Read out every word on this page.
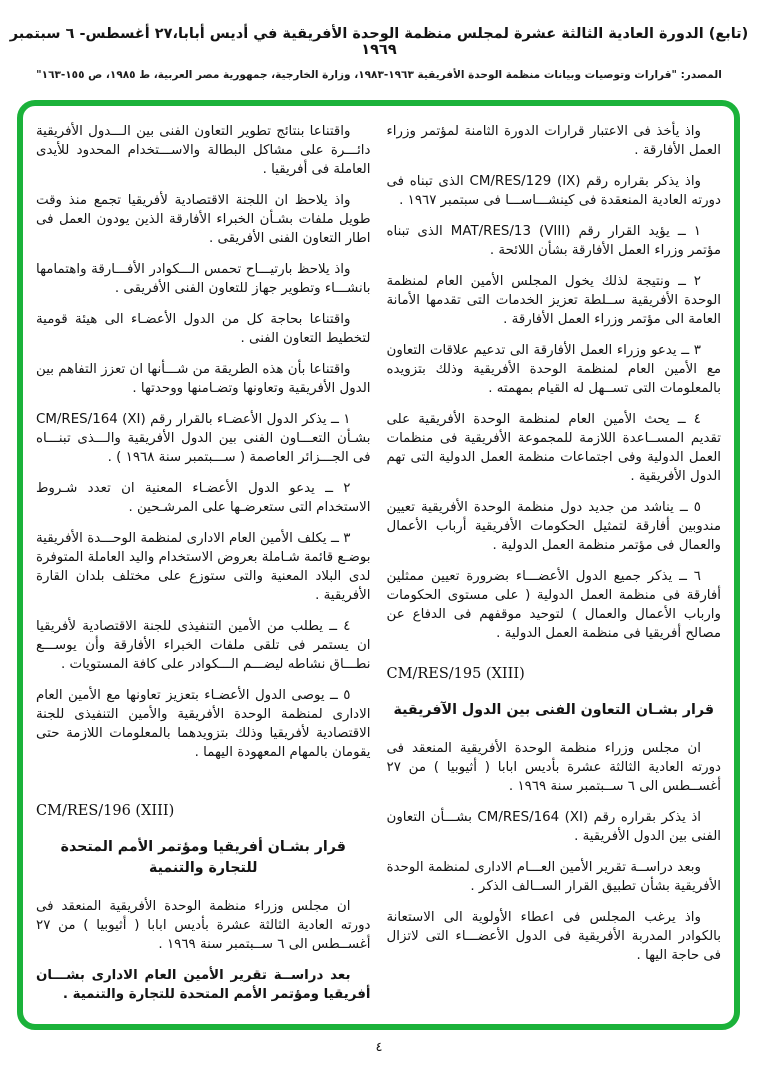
(تابع) الدورة العادية الثالثة عشرة لمجلس منظمة الوحدة الأفريقية في أديس أبابا،٢٧ أغسطس- ٦ سبتمبر ١٩٦٩
المصدر: "قرارات وتوصيات وبيانات منظمة الوحدة الأفريقية ١٩٦٣-١٩٨٣، وزارة الخارجية، جمهورية مصر العربية، ط ١٩٨٥، ص ١٥٥-١٦٣"

واذ يأخذ فى الاعتبار قرارات الدورة الثامنة لمؤتمر وزراء العمل الأفارقة .

واذ يذكر بقراره رقم CM/RES/129 (IX) الذى تبناه فى دورته العادية المنعقدة فى كينشـــاســـا فى سبتمبر ١٩٦٧ .

١ ــ يؤيد القرار رقم MAT/RES/13 (VIII) الذى تبناه مؤتمر وزراء العمل الأفارقة بشأن اللائحة .

٢ ــ ونتيجة لذلك يخول المجلس الأمين العام لمنظمة الوحدة الأفريقية ســلطة تعزيز الخدمات التى تقدمها الأمانة العامة الى مؤتمر وزراء العمل الأفارقة .

٣ ــ يدعو وزراء العمل الأفارقة الى تدعيم علاقات التعاون مع الأمين العام لمنظمة الوحدة الأفريقية وذلك بتزويده بالمعلومات التى تســهل له القيام بمهمته .

٤ ــ يحث الأمين العام لمنظمة الوحدة الأفريقية على تقديم المســاعدة اللازمة للمجموعة الأفريقية فى منظمات العمل الدولية وفى اجتماعات منظمة العمل الدولية التى تهم الدول الأفريقية .

٥ ــ يناشد من جديد دول منظمة الوحدة الأفريقية تعيين مندوبين أفارقة لتمثيل الحكومات الأفريقية أرباب الأعمال والعمال فى مؤتمر منظمة العمل الدولية .

٦ ــ يذكر جميع الدول الأعضـــاء بضرورة تعيين ممثلين أفارقة فى منظمة العمل الدولية ( على مستوى الحكومات وارباب الأعمال والعمال ) لتوحيد موقفهم فى الدفاع عن مصالح أفريقيا فى منظمة العمل الدولية .

CM/RES/195 (XIII)

قرار بشـان التعاون الفنى بين الدول الآفريقية

ان مجلس وزراء منظمة الوحدة الأفريقية المنعقد فى دورته العادية الثالثة عشرة بأديس ابابا ( أثيوبيا ) من ٢٧ أغســطس الى ٦ ســبتمبر سنة ١٩٦٩ .

اذ يذكر بقراره رقم CM/RES/164 (XI) بشـــأن التعاون الفنى بين الدول الأفريقية .

وبعد دراســة تقرير الأمين العـــام الادارى لمنظمة الوحدة الأفريقية بشأن تطبيق القرار الســالف الذكر .

واذ يرغب المجلس فى اعطاء الأولوية الى الاستعانة بالكوادر المدربة الأفريقية فى الدول الأعضـــاء التى لاتزال فى حاجة اليها .

واقتناعا بنتائج تطوير التعاون الفنى بين الـــدول الأفريقية دائـــرة على مشاكل البطالة والاســـتخدام المحدود للأيدى العاملة فى أفريقيا .

واذ يلاحظ ان اللجنة الاقتصادية لأفريقيا تجمع منذ وقت طويل ملفات بشـأن الخبراء الأفارقة الذين يودون العمل فى اطار التعاون الفنى الأفريقى .

واذ يلاحظ بارتيـــاح تحمس الـــكوادر الأفـــارقة واهتمامها بانشـــاء وتطوير جهاز للتعاون الفنى الأفريقى .

واقتناعا بحاجة كل من الدول الأعضـاء الى هيئة قومية لتخطيط التعاون الفنى .

واقتناعا بأن هذه الطريقة من شـــأنها ان تعزز التفاهم بين الدول الأفريقية وتعاونها وتضـامنها ووحدتها .

١ ــ يذكر الدول الأعضـاء بالقرار رقم CM/RES/164 (XI) بشـأن التعـــاون الفنى بين الدول الأفريقية والـــذى تبنـــاه فى الجـــزائر العاصمة ( ســـبتمبر سنة ١٩٦٨ ) .

٢ ــ يدعو الدول الأعضـاء المعنية ان تعدد شـروط الاستخدام التى ستعرضـها على المرشـحين .

٣ ــ يكلف الأمين العام الادارى لمنظمة الوحـــدة الأفريقية بوضـع قائمة شـاملة بعروض الاستخدام واليد العاملة المتوفرة لدى البلاد المعنية والتى ستوزع على مختلف بلدان القارة الأفريقية .

٤ ــ يطلب من الأمين التنفيذى للجنة الاقتصادية لأفريقيا ان يستمر فى تلقى ملفات الخبراء الأفارقة وأن يوســـع نطـــاق نشاطه ليضـــم الـــكوادر على كافة المستويات .

٥ ــ يوصى الدول الأعضـاء بتعزيز تعاونها مع الأمين العام الادارى لمنظمة الوحدة الأفريقية والأمين التنفيذى للجنة الاقتصادية لأفريقيا وذلك بتزويدهما بالمعلومات اللازمة حتى يقومان بالمهام المعهودة اليهما .

CM/RES/196 (XIII)

قرار بشـان أفريقيا ومؤتمر الأمم المتحدة للتجارة والتنمية

ان مجلس وزراء منظمة الوحدة الأفريقية المنعقد فى دورته العادية الثالثة عشرة بأديس ابابا ( أثيوبيا ) من ٢٧ أغســطس الى ٦ ســبتمبر سنة ١٩٦٩ .

بعد دراســة تقرير الأمين العام الادارى بشـــان أفريقيا ومؤتمر الأمم المتحدة للتجارة والتنمية .

٤
